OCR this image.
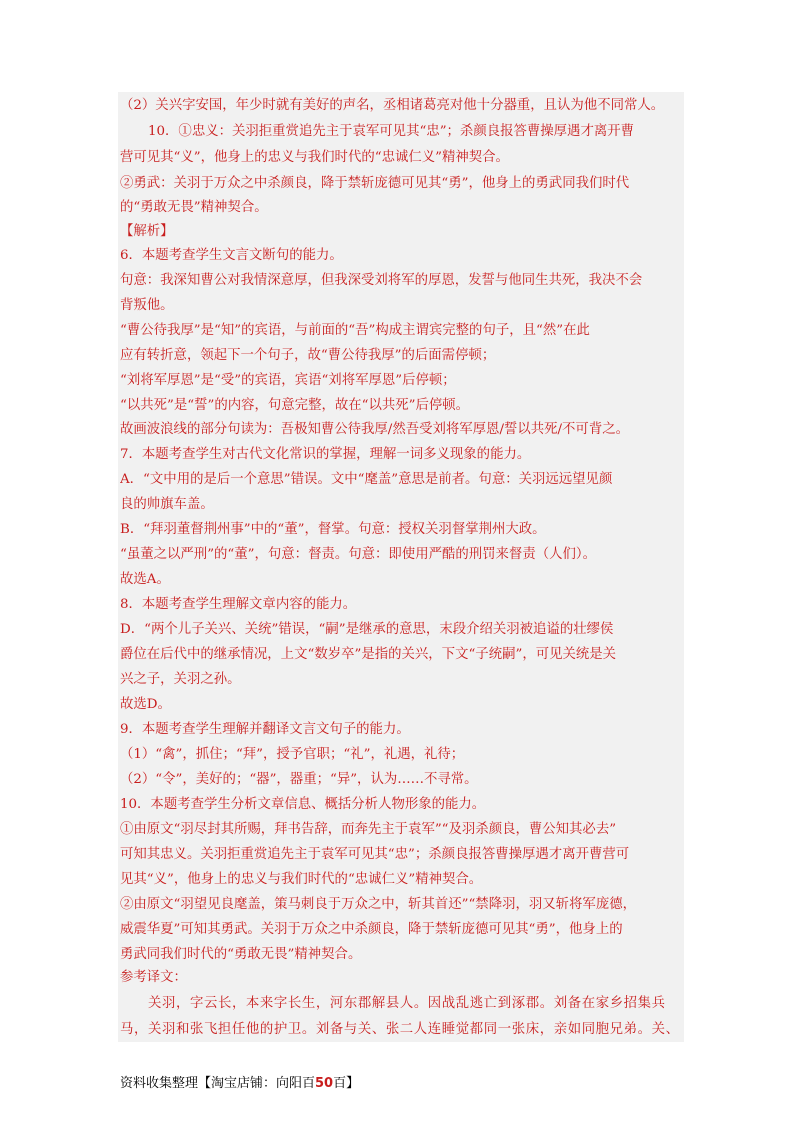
（2）关兴字安国，年少时就有美好的声名，丞相诸葛亮对他十分器重，且认为他不同常人。
10．①忠义：关羽拒重赏追先主于袁军可见其“忠”；杀颜良报答曹操厚遇才离开曹
营可见其“义”，他身上的忠义与我们时代的“忠诚仁义”精神契合。
②勇武：关羽于万众之中杀颜良，降于禁斩庞德可见其“勇”，他身上的勇武同我们时代
的“勇敢无畏”精神契合。
【解析】
6．本题考查学生文言文断句的能力。
句意：我深知曹公对我情深意厚，但我深受刘将军的厚恩，发誓与他同生共死，我决不会
背叛他。
“曹公待我厚”是“知”的宾语，与前面的“吾”构成主谓宾完整的句子，且“然”在此
应有转折意，领起下一个句子，故“曹公待我厚”的后面需停顿；
“刘将军厚恩”是“受”的宾语，宾语“刘将军厚恩”后停顿；
“以共死”是“誓”的内容，句意完整，故在“以共死”后停顿。
故画波浪线的部分句读为：吾极知曹公待我厚/然吾受刘将军厚恩/誓以共死/不可背之。
7．本题考查学生对古代文化常识的掌握，理解一词多义现象的能力。
A．“文中用的是后一个意思”错误。文中“麾盖”意思是前者。句意：关羽远远望见颜
良的帅旗车盖。
B．“拜羽董督荆州事”中的“董”，督掌。句意：授权关羽督掌荆州大政。
“虽董之以严刑”的“董”，句意：督责。句意：即使用严酷的刑罚来督责（人们）。
故选A。
8．本题考查学生理解文章内容的能力。
D．“两个儿子关兴、关统”错误，“嗣”是继承的意思，末段介绍关羽被追谥的壮缪侯
爵位在后代中的继承情况，上文“数岁卒”是指的关兴，下文“子统嗣”，可见关统是关
兴之子，关羽之孙。
故选D。
9．本题考查学生理解并翻译文言文句子的能力。
（1）“禽”，抓住；“拜”，授予官职；“礼”，礼遇，礼待；
（2）“令”，美好的；“器”，器重；“异”，认为……不寻常。
10．本题考查学生分析文章信息、概括分析人物形象的能力。
①由原文“羽尽封其所赐，拜书告辞，而奔先主于袁军”“及羽杀颜良，曹公知其必去”
可知其忠义。关羽拒重赏追先主于袁军可见其“忠”；杀颜良报答曹操厚遇才离开曹营可
见其“义”，他身上的忠义与我们时代的“忠诚仁义”精神契合。
②由原文“羽望见良麾盖，策马刺良于万众之中，斩其首还”“禁降羽，羽又斩将军庞德，
威震华夏”可知其勇武。关羽于万众之中杀颜良，降于禁斩庞德可见其“勇”，他身上的
勇武同我们时代的“勇敢无畏”精神契合。
参考译文：
关羽，字云长，本来字长生，河东郡解县人。因战乱逃亡到涿郡。刘备在家乡招集兵
马，关羽和张飞担任他的护卫。刘备与关、张二人连睡觉都同一张床，亲如同胞兄弟。关、
资料收集整理【淘宝店铺：向阳百50百】
